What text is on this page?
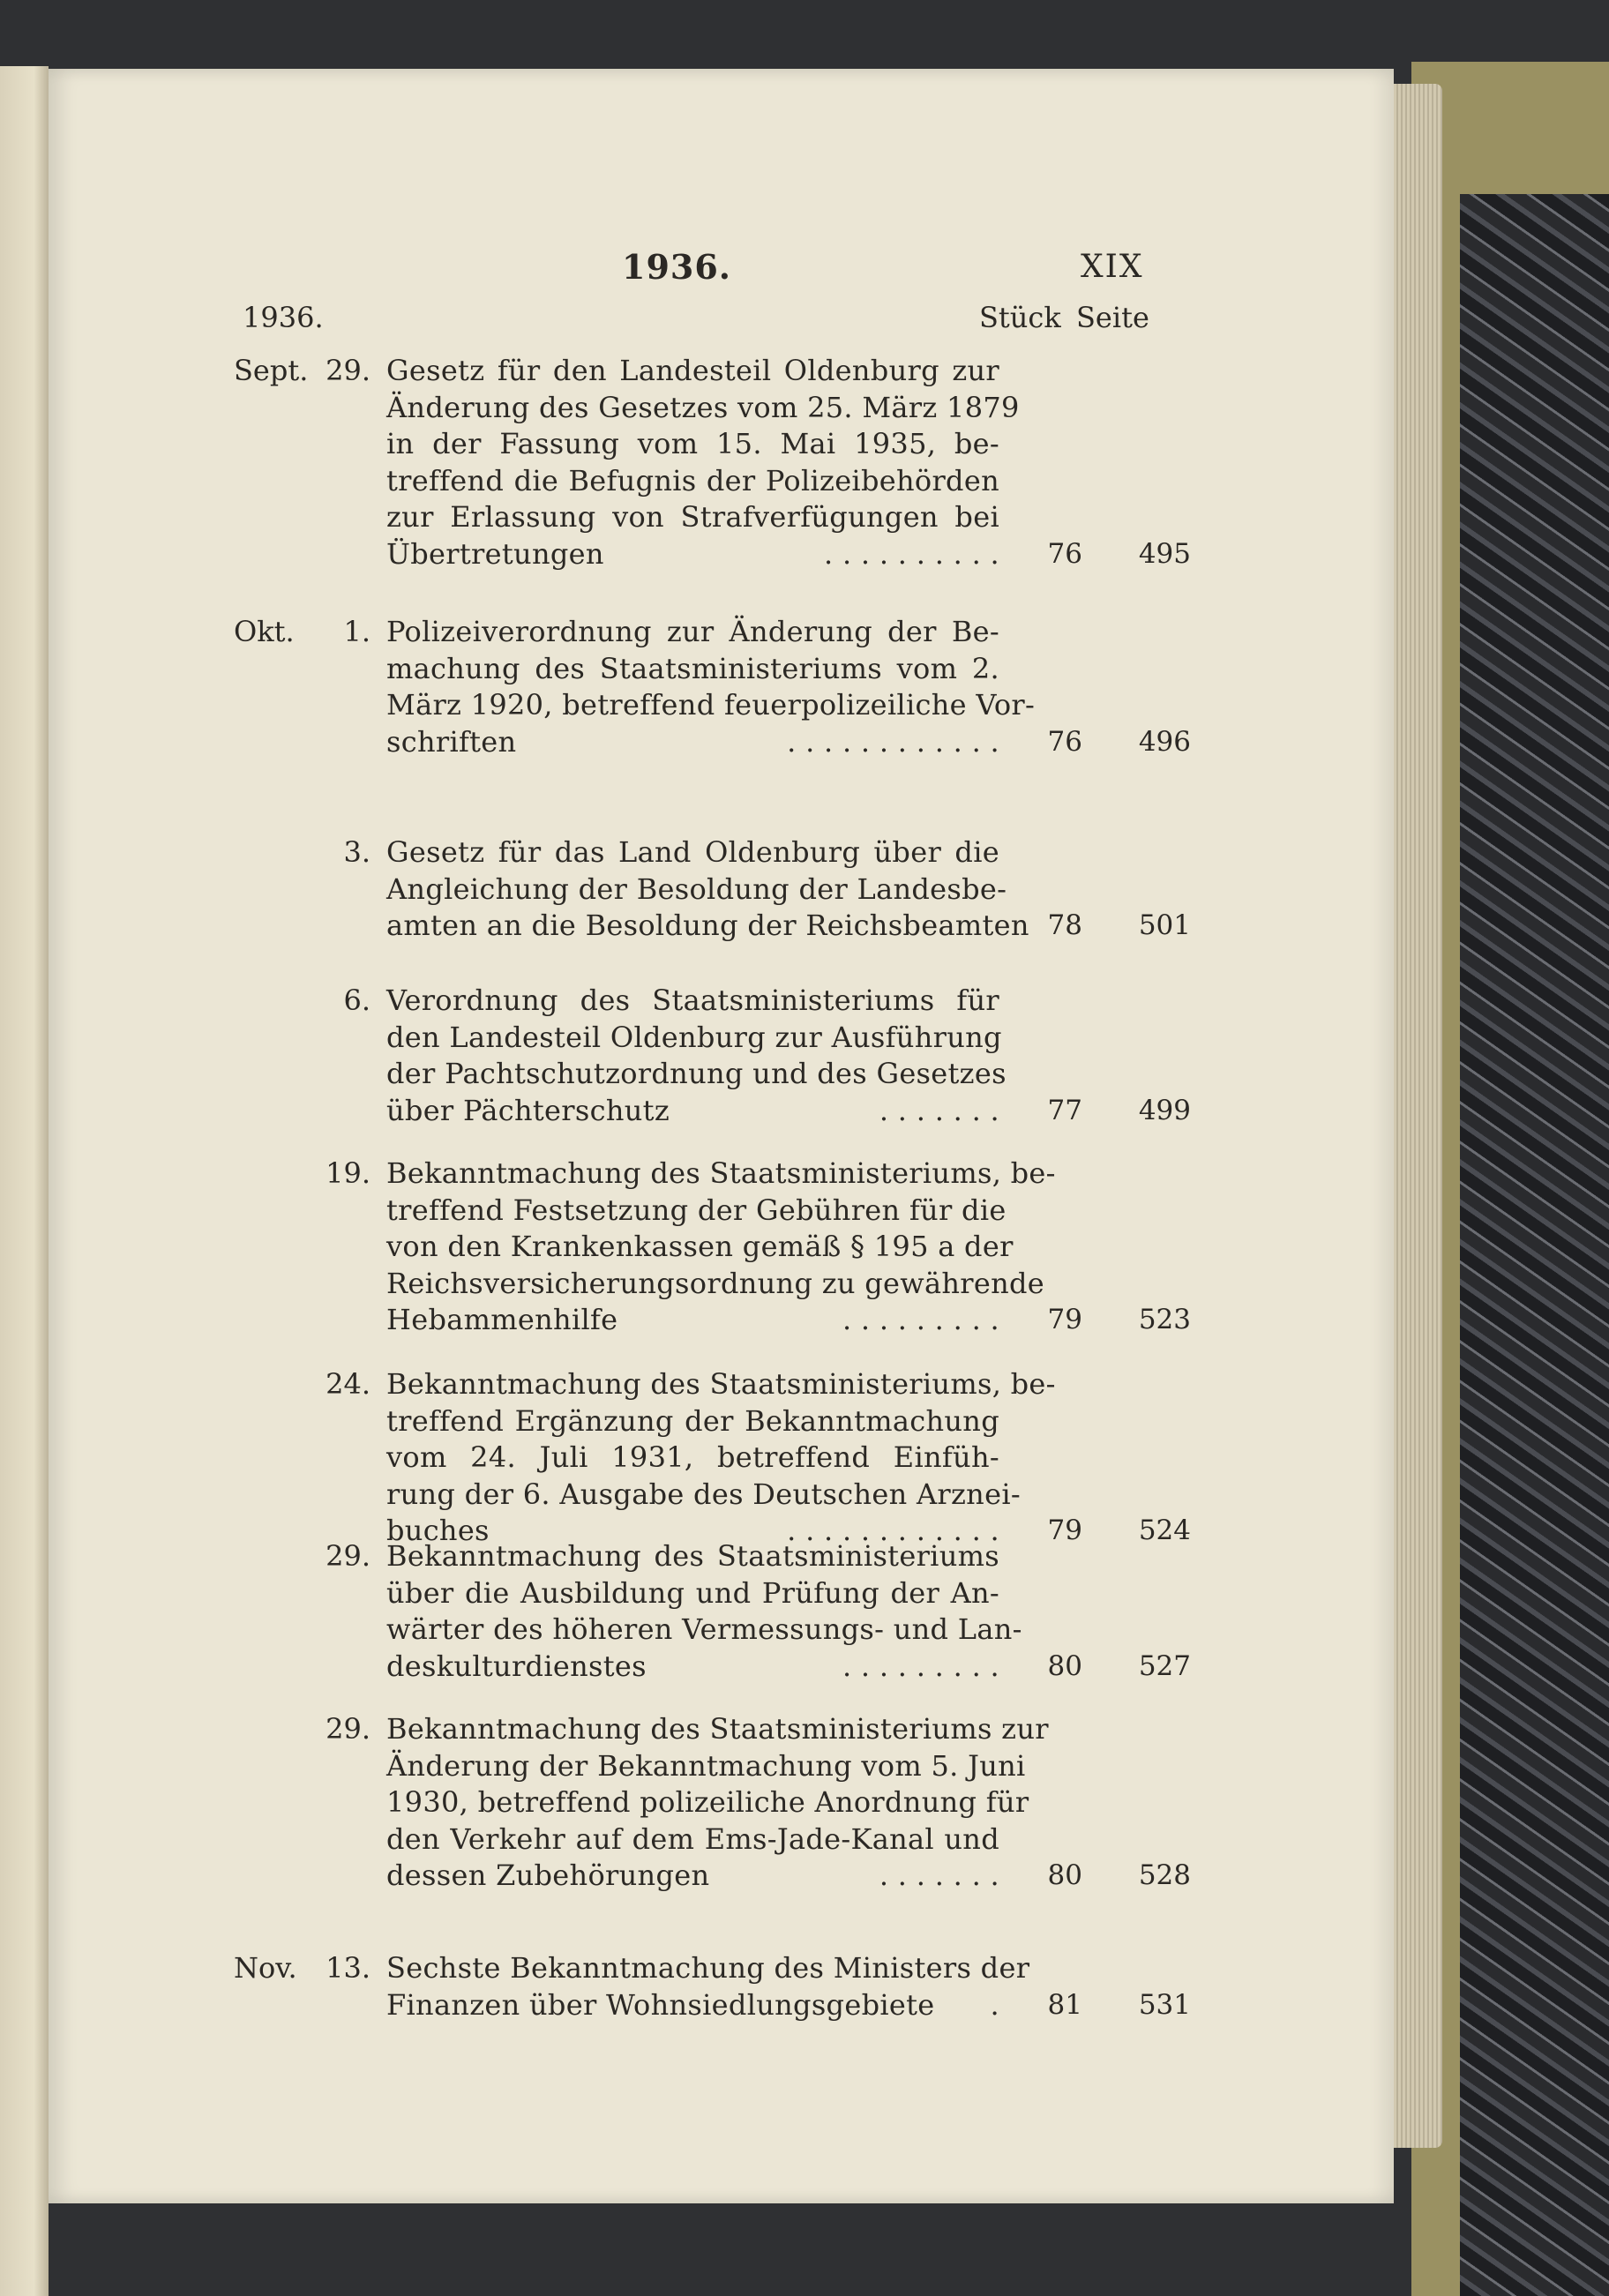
1936.	XIX
1936.	Stück Seite
Sept. 29. Gesetz für den Landesteil Oldenburg zur
Änderung des Gesetzes vom 25. März 1879
in der Fassung vom 15. Mai 1935, be-
treffend die Befugnis der Polizeibehörden
zur Erlassung von Strafverfügungen bei
Übertretungen	. . . . . . . . . .	76	495
Okt.	1. Polizeiverordnung zur Änderung der Be-
machung des Staatsministeriums vom 2.
März 1920, betreffend feuerpolizeiliche Vor-
schriften	. . . . . . . . . . . .	76	496
3. Gesetz für das Land Oldenburg über die
Angleichung der Besoldung der Landesbe-
amten an die Besoldung der Reichsbeamten 78	501
6. Verordnung des Staatsministeriums für
den Landesteil Oldenburg zur Ausführung
der Pachtschutzordnung und des Gesetzes
über Pächterschutz	. . . . . . .	77	499
19. Bekanntmachung des Staatsministeriums, be-
treffend Festsetzung der Gebühren für die
von den Krankenkassen gemäß § 195 a der
Reichsversicherungsordnung zu gewährende
Hebammenhilfe	. . . . . . . . .	79	523
24. Bekanntmachung des Staatsministeriums, be-
treffend Ergänzung der Bekanntmachung
vom 24. Juli 1931, betreffend Einfüh-
rung der 6. Ausgabe des Deutschen Arznei-
buches	. . . . . . . . . . . .	79	524
29. Bekanntmachung des Staatsministeriums
über die Ausbildung und Prüfung der An-
wärter des höheren Vermessungs- und Lan-
deskulturdienstes	. . . . . . . . .	80	527
29. Bekanntmachung des Staatsministeriums zur
Änderung der Bekanntmachung vom 5. Juni
1930, betreffend polizeiliche Anordnung für
den Verkehr auf dem Ems-Jade-Kanal und
dessen Zubehörungen	. . . . . . .	80	528
Nov.	13. Sechste Bekanntmachung des Ministers der
Finanzen über Wohnsiedlungsgebiete .	81	531
